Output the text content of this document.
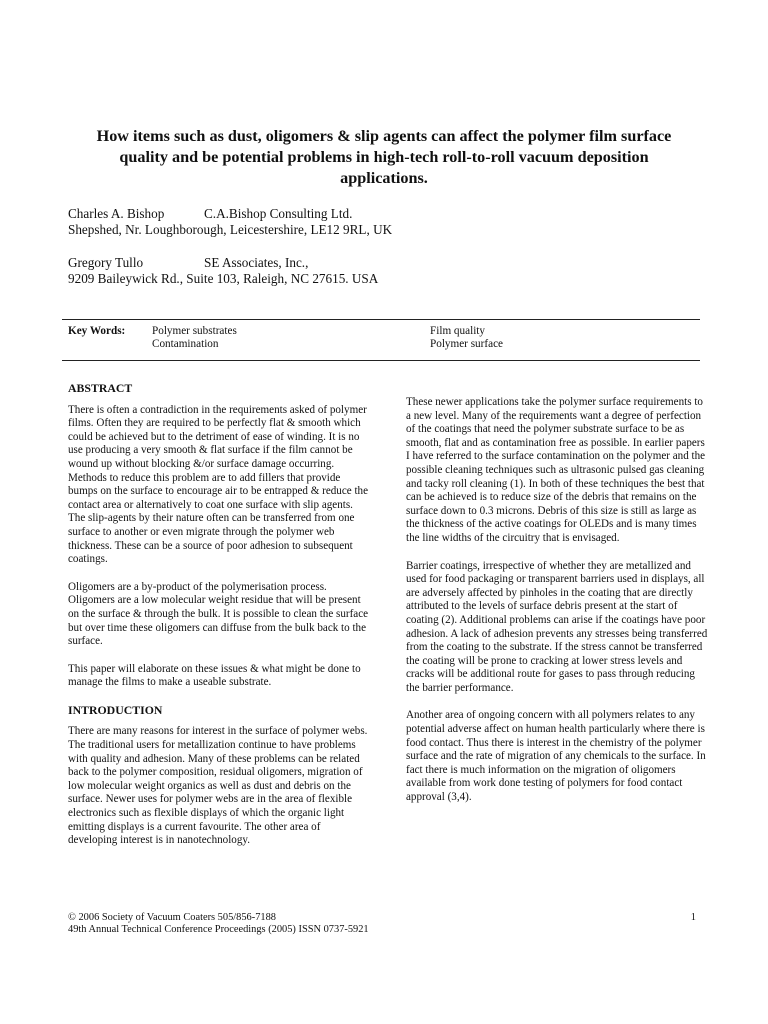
How items such as dust, oligomers & slip agents can affect the polymer film surface
quality and be potential problems in high-tech roll-to-roll vacuum deposition
applications.
Charles A. Bishop	C.A.Bishop Consulting Ltd.
Shepshed, Nr. Loughborough, Leicestershire, LE12 9RL, UK
Gregory Tullo	SE Associates, Inc.,
9209 Baileywick Rd., Suite 103, Raleigh, NC 27615. USA
Key Words: Polymer substrates
Contamination
Film quality
Polymer surface
ABSTRACT

There is often a contradiction in the requirements asked of polymer films. Often they are required to be perfectly flat & smooth which could be achieved but to the detriment of ease of winding. It is no use producing a very smooth & flat surface if the film cannot be wound up without blocking &/or surface damage occurring. Methods to reduce this problem are to add fillers that provide bumps on the surface to encourage air to be entrapped & reduce the contact area or alternatively to coat one surface with slip agents. The slip-agents by their nature often can be transferred from one surface to another or even migrate through the polymer web thickness. These can be a source of poor adhesion to subsequent coatings.

Oligomers are a by-product of the polymerisation process. Oligomers are a low molecular weight residue that will be present on the surface & through the bulk. It is possible to clean the surface but over time these oligomers can diffuse from the bulk back to the surface.

This paper will elaborate on these issues & what might be done to manage the films to make a useable substrate.

INTRODUCTION

There are many reasons for interest in the surface of polymer webs. The traditional users for metallization continue to have problems with quality and adhesion. Many of these problems can be related back to the polymer composition, residual oligomers, migration of low molecular weight organics as well as dust and debris on the surface. Newer uses for polymer webs are in the area of flexible electronics such as flexible displays of which the organic light emitting displays is a current favourite. The other area of developing interest is in nanotechnology.

These newer applications take the polymer surface requirements to a new level. Many of the requirements want a degree of perfection of the coatings that need the polymer substrate surface to be as smooth, flat and as contamination free as possible. In earlier papers I have referred to the surface contamination on the polymer and the possible cleaning techniques such as ultrasonic pulsed gas cleaning and tacky roll cleaning (1). In both of these techniques the best that can be achieved is to reduce size of the debris that remains on the surface down to 0.3 microns. Debris of this size is still as large as the thickness of the active coatings for OLEDs and is many times the line widths of the circuitry that is envisaged.

Barrier coatings, irrespective of whether they are metallized and used for food packaging or transparent barriers used in displays, all are adversely affected by pinholes in the coating that are directly attributed to the levels of surface debris present at the start of coating (2). Additional problems can arise if the coatings have poor adhesion. A lack of adhesion prevents any stresses being transferred from the coating to the substrate. If the stress cannot be transferred the coating will be prone to cracking at lower stress levels and cracks will be additional route for gases to pass through reducing the barrier performance.

Another area of ongoing concern with all polymers relates to any potential adverse affect on human health particularly where there is food contact. Thus there is interest in the chemistry of the polymer surface and the rate of migration of any chemicals to the surface. In fact there is much information on the migration of oligomers available from work done testing of polymers for food contact approval (3,4).

© 2006 Society of Vacuum Coaters 505/856-7188
49th Annual Technical Conference Proceedings (2005) ISSN 0737-5921
1
